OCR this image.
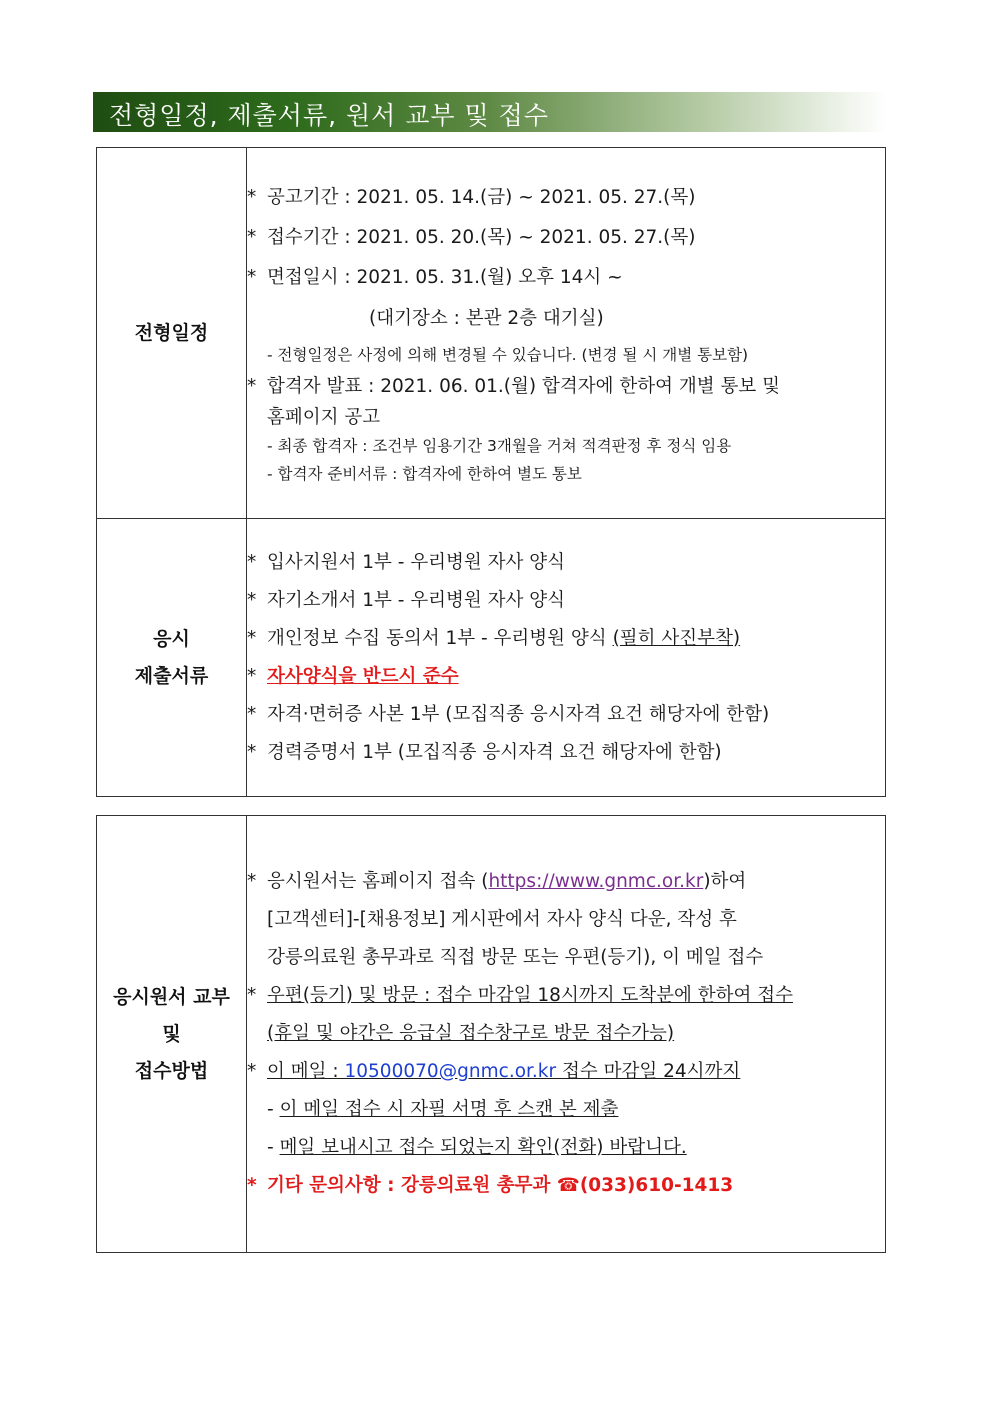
전형일정, 제출서류, 원서 교부 및 접수
전형일정	
* 공고기간 : 2021. 05. 14.(금) ~ 2021. 05. 27.(목)
* 접수기간 : 2021. 05. 20.(목) ~ 2021. 05. 27.(목)
* 면접일시 : 2021. 05. 31.(월) 오후 14시 ~
(대기장소 : 본관 2층 대기실)
- 전형일정은 사정에 의해 변경될 수 있습니다. (변경 될 시 개별 통보함)
* 합격자 발표 : 2021. 06. 01.(월) 합격자에 한하여 개별 통보 및
홈페이지 공고
- 최종 합격자 : 조건부 임용기간 3개월을 거쳐 적격판정 후 정식 임용
- 합격자 준비서류 : 합격자에 한하여 별도 통보
응시
제출서류

* 입사지원서 1부 - 우리병원 자사 양식
* 자기소개서 1부 - 우리병원 자사 양식
* 개인정보 수집 동의서 1부 - 우리병원 양식 (필히 사진부착)
* 자사양식을 반드시 준수
* 자격·면허증 사본 1부 (모집직종 응시자격 요건 해당자에 한함)
* 경력증명서 1부 (모집직종 응시자격 요건 해당자에 한함)
응시원서 교부
및
접수방법

* 응시원서는 홈페이지 접속 (https://www.gnmc.or.kr)하여
[고객센터]-[채용정보] 게시판에서 자사 양식 다운, 작성 후
강릉의료원 총무과로 직접 방문 또는 우편(등기), 이 메일 접수
* 우편(등기) 및 방문 : 접수 마감일 18시까지 도착분에 한하여 접수
(휴일 및 야간은 응급실 접수창구로 방문 접수가능)
* 이 메일 : 10500070@gnmc.or.kr 접수 마감일 24시까지
- 이 메일 접수 시 자필 서명 후 스캔 본 제출
- 메일 보내시고 접수 되었는지 확인(전화) 바랍니다.
* 기타 문의사항 : 강릉의료원 총무과 ☎(033)610-1413
